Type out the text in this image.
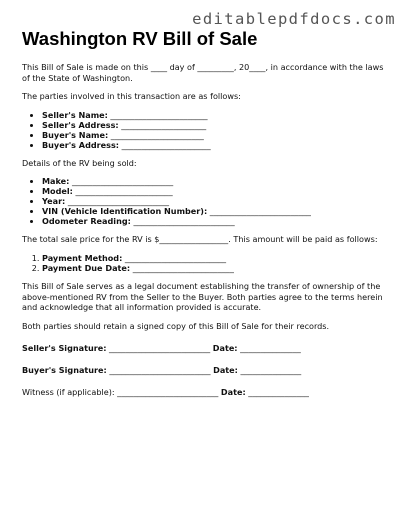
editablepdfdocs.com
Washington RV Bill of Sale

This Bill of Sale is made on this ____ day of _________, 20____, in accordance with the laws of the State of Washington.

The parties involved in this transaction are as follows:

• Seller's Name: ________________________
• Seller's Address: _____________________
• Buyer's Name: _______________________
• Buyer's Address: ______________________

Details of the RV being sold:

• Make: _________________________
• Model: ________________________
• Year: _________________________
• VIN (Vehicle Identification Number): _________________________
• Odometer Reading: _________________________

The total sale price for the RV is $_________________. This amount will be paid as follows:

1. Payment Method: _________________________
2. Payment Due Date: _________________________

This Bill of Sale serves as a legal document establishing the transfer of ownership of the above-mentioned RV from the Seller to the Buyer. Both parties agree to the terms herein and acknowledge that all information provided is accurate.

Both parties should retain a signed copy of this Bill of Sale for their records.

Seller's Signature: _________________________ Date: _______________
Buyer's Signature: _________________________ Date: _______________
Witness (if applicable): _________________________ Date: _______________
